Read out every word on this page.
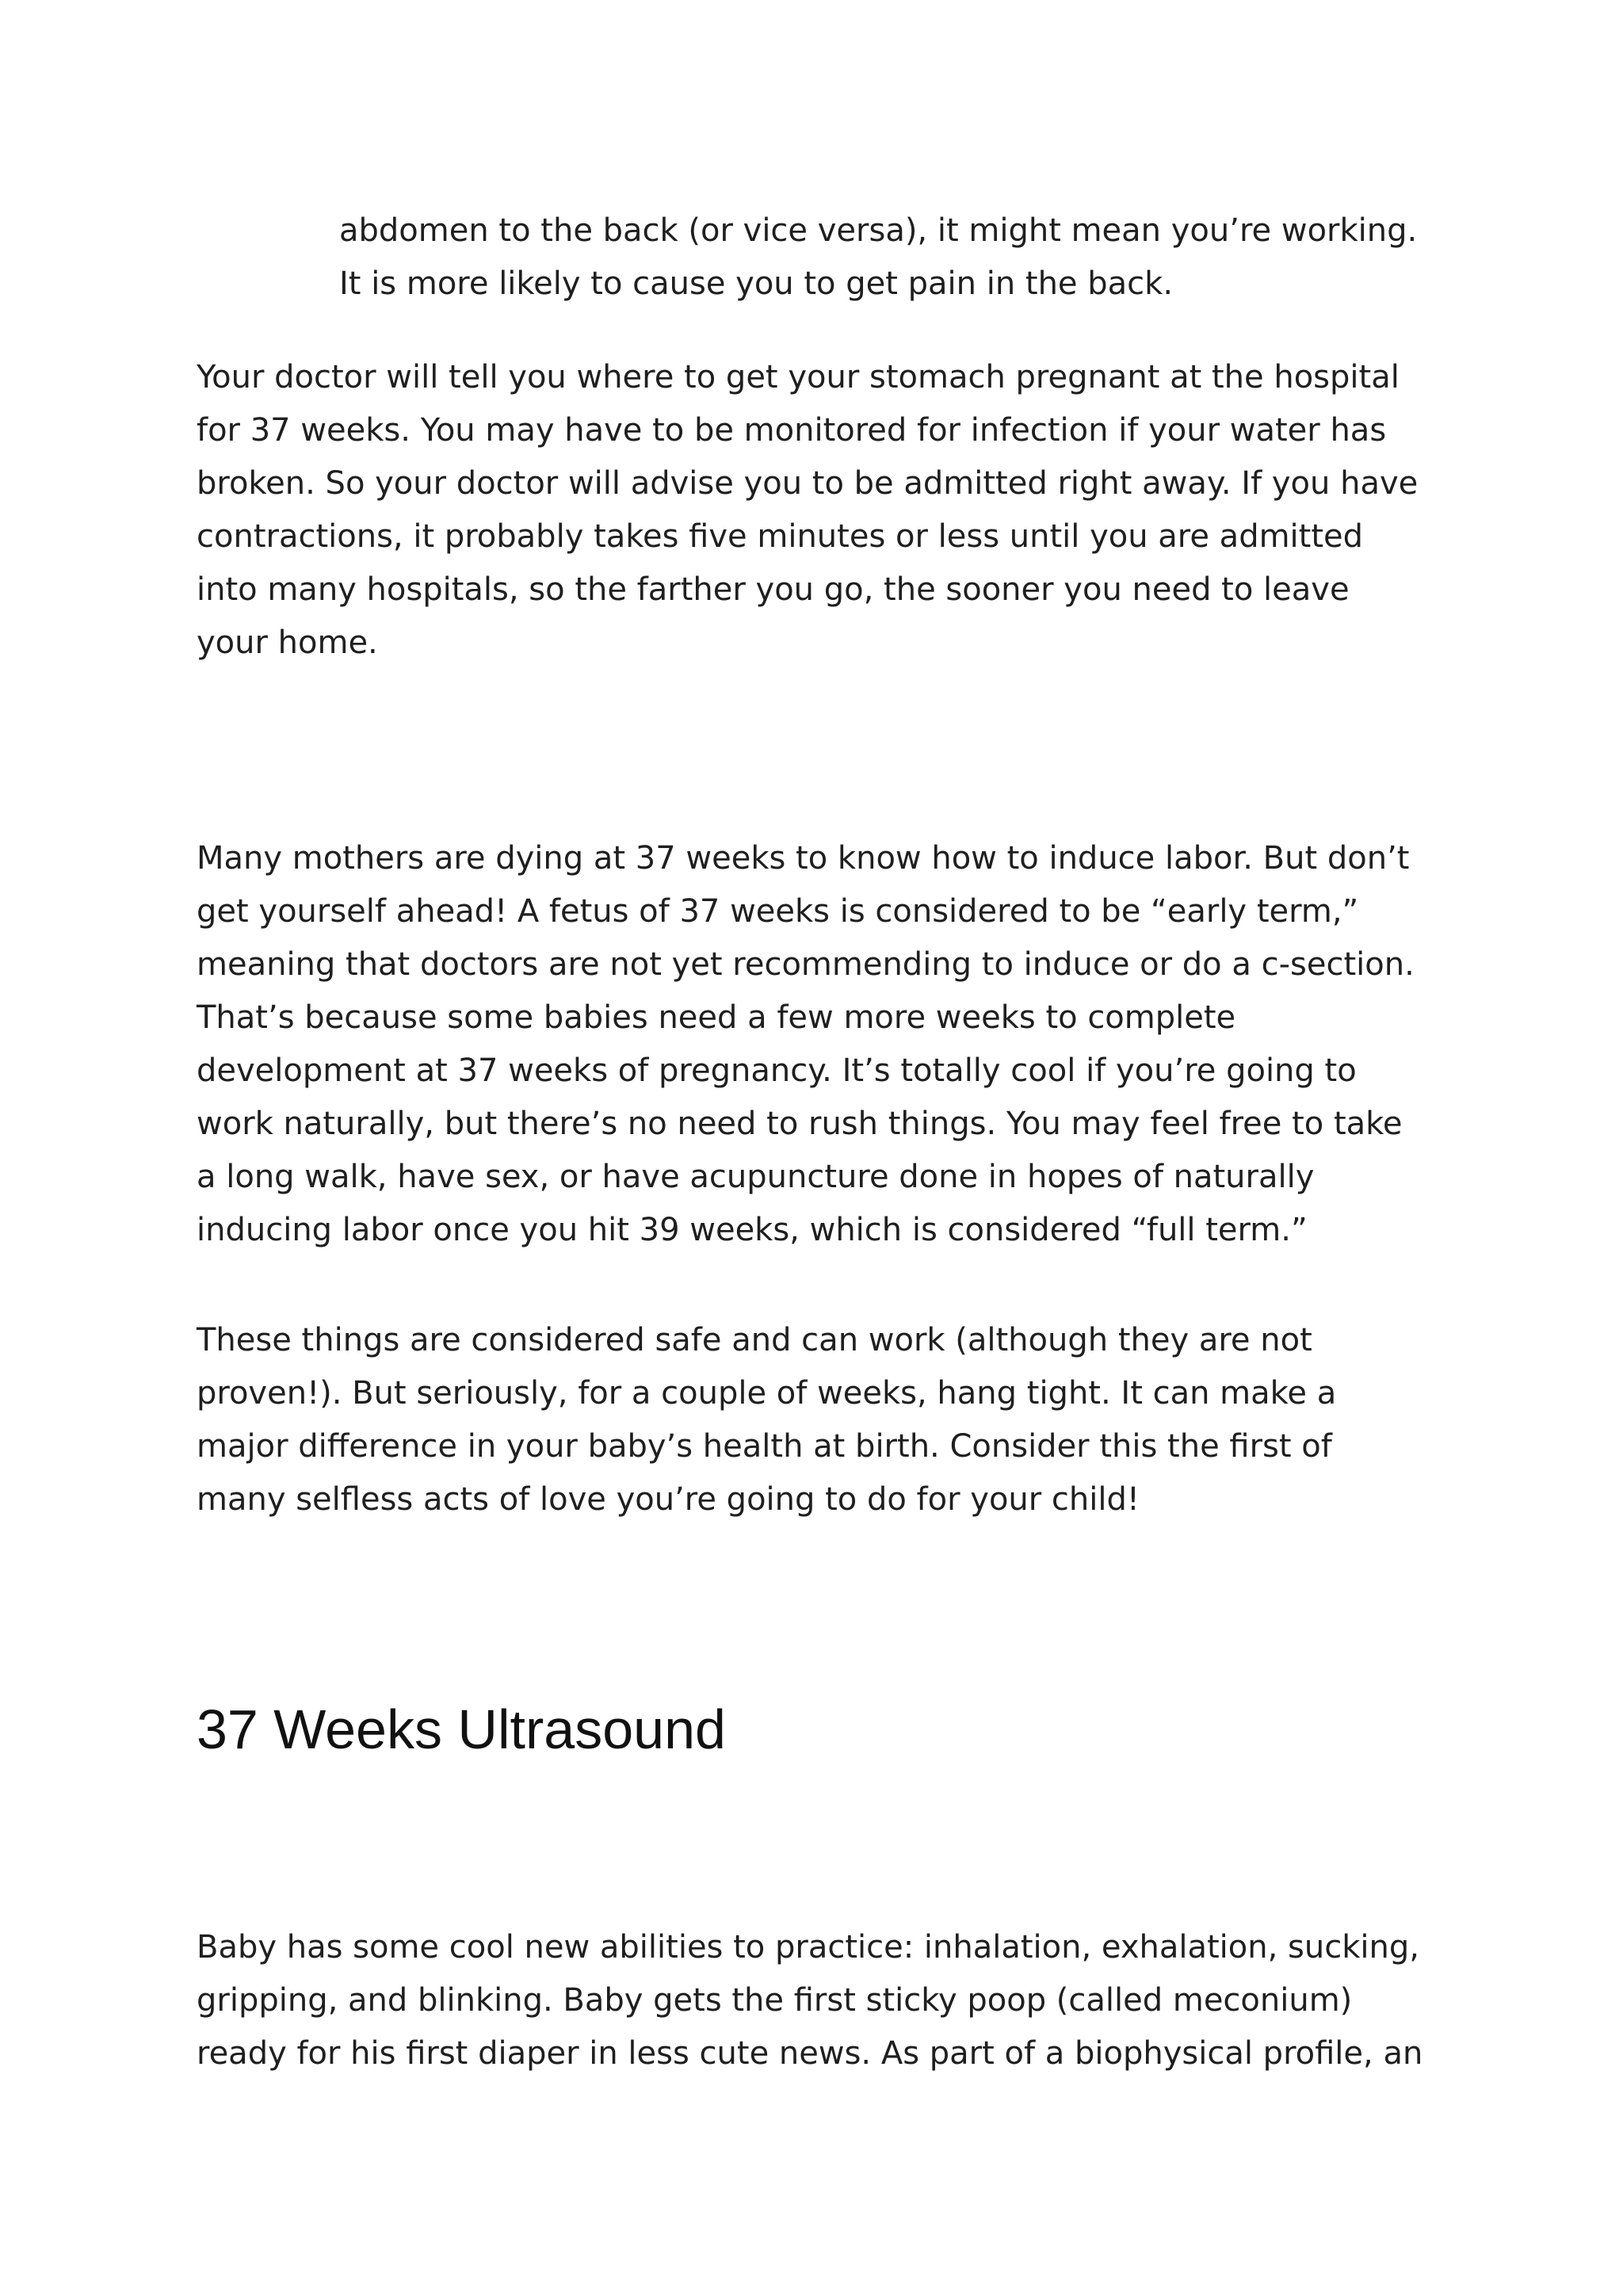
abdomen to the back (or vice versa), it might mean you’re working.
It is more likely to cause you to get pain in the back.

Your doctor will tell you where to get your stomach pregnant at the hospital
for 37 weeks. You may have to be monitored for infection if your water has
broken. So your doctor will advise you to be admitted right away. If you have
contractions, it probably takes five minutes or less until you are admitted
into many hospitals, so the farther you go, the sooner you need to leave
your home.

Many mothers are dying at 37 weeks to know how to induce labor. But don’t
get yourself ahead! A fetus of 37 weeks is considered to be “early term,”
meaning that doctors are not yet recommending to induce or do a c-section.
That’s because some babies need a few more weeks to complete
development at 37 weeks of pregnancy. It’s totally cool if you’re going to
work naturally, but there’s no need to rush things. You may feel free to take
a long walk, have sex, or have acupuncture done in hopes of naturally
inducing labor once you hit 39 weeks, which is considered “full term.”

These things are considered safe and can work (although they are not
proven!). But seriously, for a couple of weeks, hang tight. It can make a
major difference in your baby’s health at birth. Consider this the first of
many selfless acts of love you’re going to do for your child!

37 Weeks Ultrasound

Baby has some cool new abilities to practice: inhalation, exhalation, sucking,
gripping, and blinking. Baby gets the first sticky poop (called meconium)
ready for his first diaper in less cute news. As part of a biophysical profile, an
